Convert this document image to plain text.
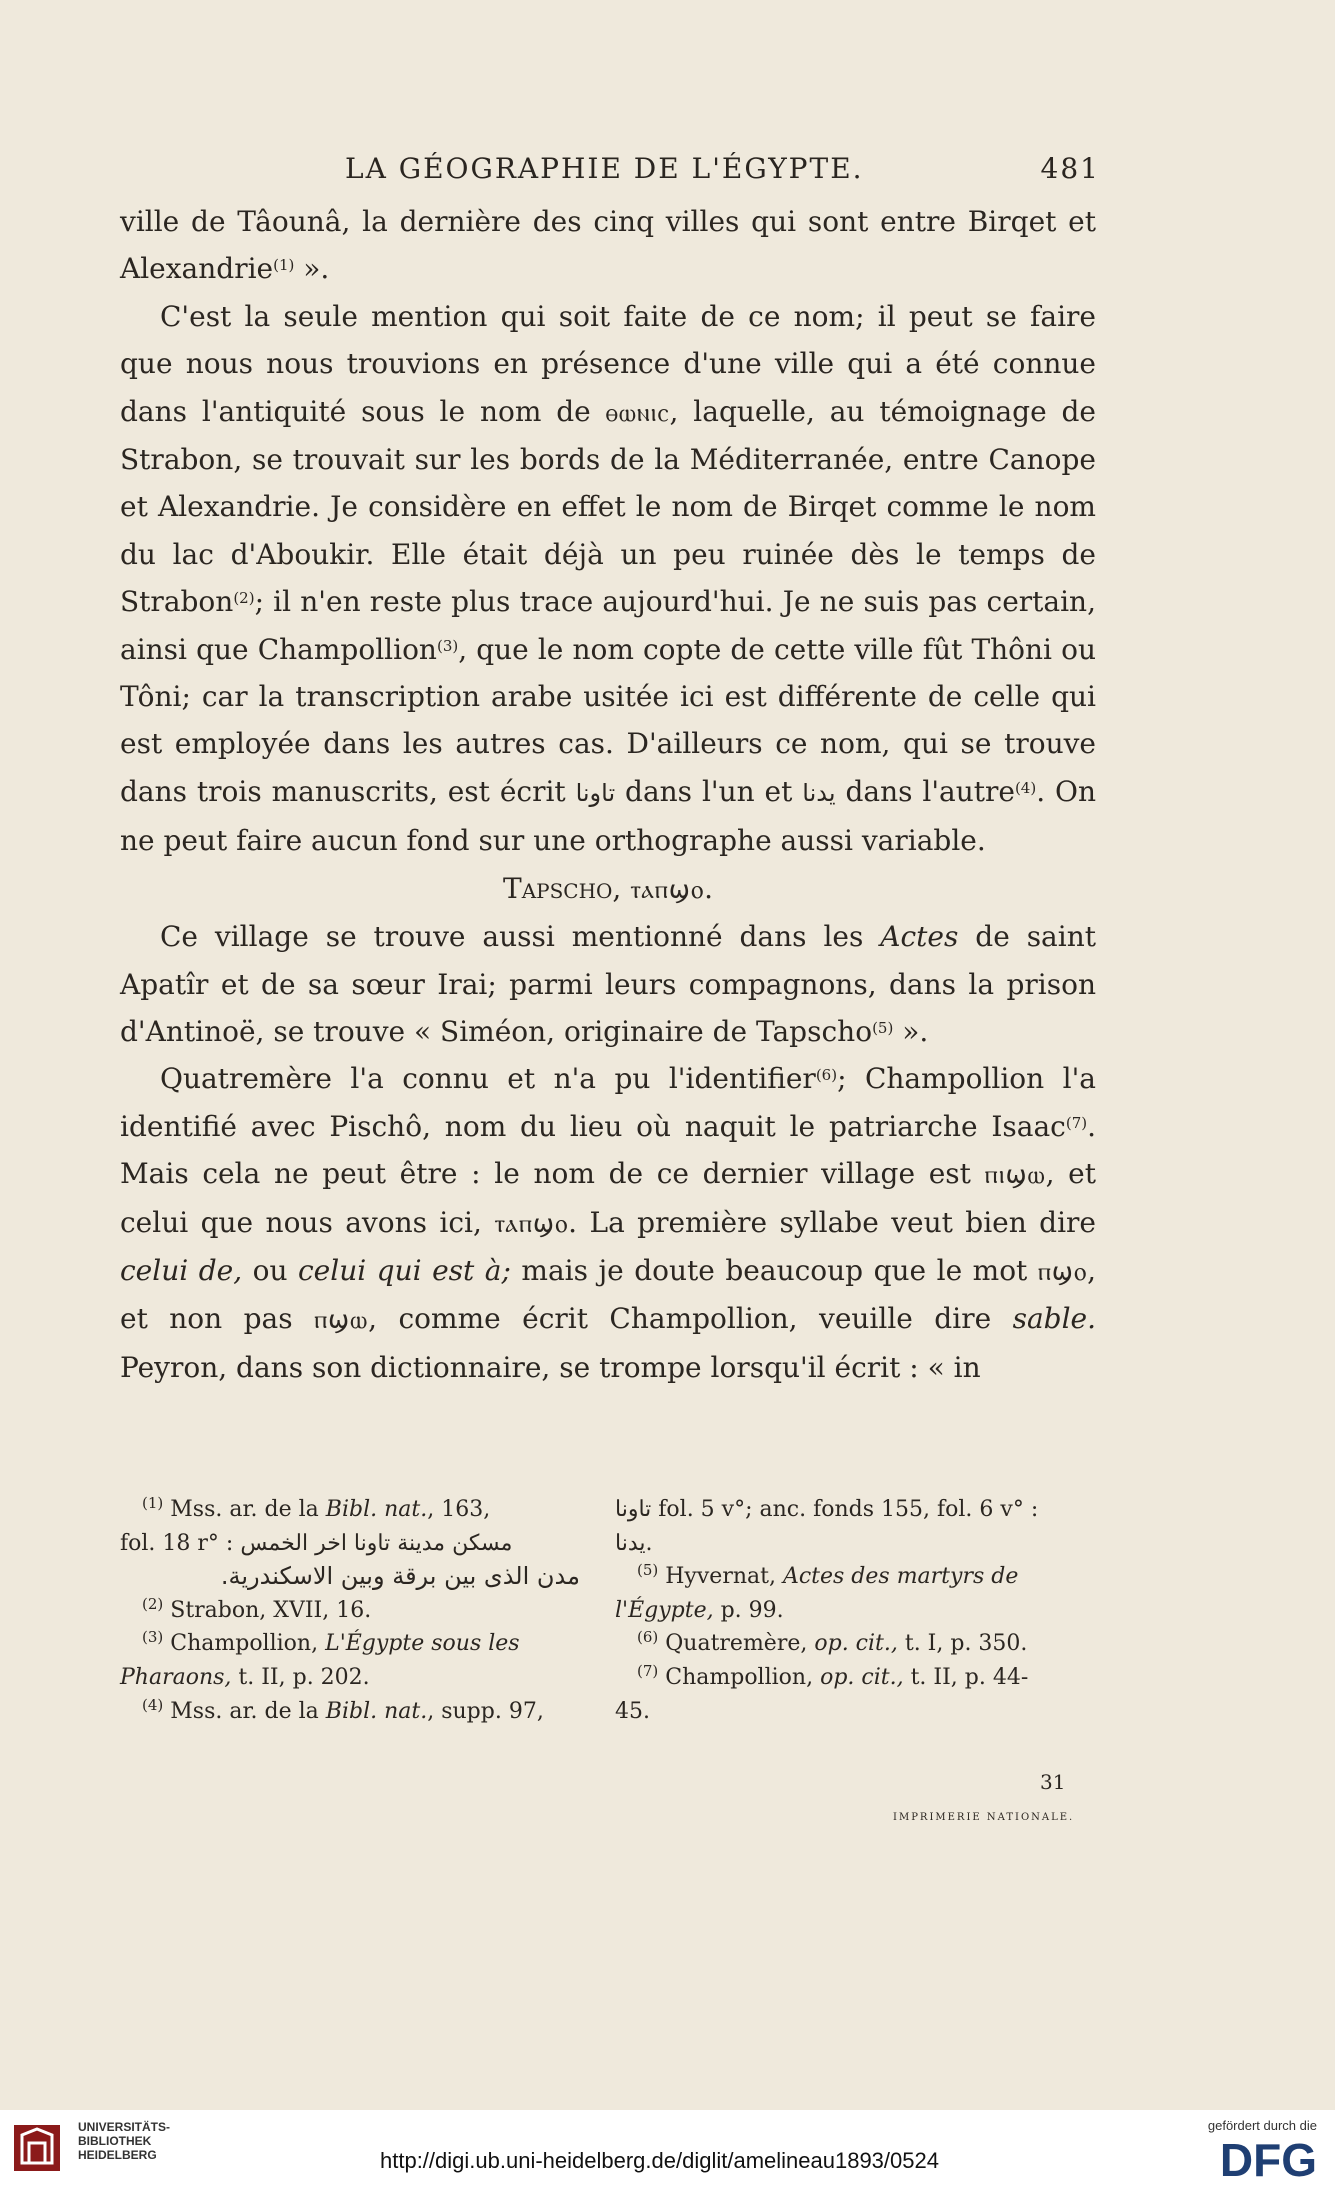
LA GÉOGRAPHIE DE L'ÉGYPTE.	481

ville de Tâounâ, la dernière des cinq villes qui sont entre Birqet et Alexandrie$^{(1)}$ ».

C'est la seule mention qui soit faite de ce nom; il peut se faire que nous nous trouvions en présence d'une ville qui a été connue dans l'antiquité sous le nom de ⲑⲱⲛⲓⲥ, laquelle, au témoignage de Strabon, se trouvait sur les bords de la Méditerranée, entre Canope et Alexandrie. Je considère en effet le nom de Birqet comme le nom du lac d'Aboukir. Elle était déjà un peu ruinée dès le temps de Strabon$^{(2)}$; il n'en reste plus trace aujourd'hui. Je ne suis pas certain, ainsi que Champollion$^{(3)}$, que le nom copte de cette ville fût Thôni ou Tôni; car la transcription arabe usitée ici est différente de celle qui est employée dans les autres cas. D'ailleurs ce nom, qui se trouve dans trois manuscrits, est écrit تاونا dans l'un et يدنا dans l'autre$^{(4)}$. On ne peut faire aucun fond sur une orthographe aussi variable.

Tapscho, ⲧⲁⲡϣⲟ.

Ce village se trouve aussi mentionné dans les Actes de saint Apatîr et de sa sœur Irai; parmi leurs compagnons, dans la prison d'Antinoë, se trouve « Siméon, originaire de Tapscho$^{(5)}$ ».

Quatremère l'a connu et n'a pu l'identifier$^{(6)}$; Champollion l'a identifié avec Pischô, nom du lieu où naquit le patriarche Isaac$^{(7)}$. Mais cela ne peut être : le nom de ce dernier village est ⲡⲓϣⲱ, et celui que nous avons ici, ⲧⲁⲡϣⲟ. La première syllabe veut bien dire celui de, ou celui qui est à; mais je doute beaucoup que le mot ⲡϣⲟ, et non pas ⲡϣⲱ, comme écrit Champollion, veuille dire sable. Peyron, dans son dictionnaire, se trompe lorsqu'il écrit : « in

 $^{(1)}$ Mss. ar. de la Bibl. nat., 163,
fol. 18 r° : مسكن مدينة تاونا اخر الخمس
مدن الذى بين برقة وبين الاسكندرية.
 $^{(2)}$ Strabon, XVII, 16.
 $^{(3)}$ Champollion, L'Égypte sous les
Pharaons, t. II, p. 202.
 $^{(4)}$ Mss. ar. de la Bibl. nat., supp. 97,
تاونا fol. 5 v°; anc. fonds 155, fol. 6 v° :
يدنا.
 $^{(5)}$ Hyvernat, Actes des martyrs de
l'Égypte, p. 99.
 $^{(6)}$ Quatremère, op. cit., t. I, p. 350.
 $^{(7)}$ Champollion, op. cit., t. II, p. 44-
45.
31
IMPRIMERIE NATIONALE.
UNIVERSITÄTS-
BIBLIOTHEK
HEIDELBERG	http://digi.ub.uni-heidelberg.de/diglit/amelineau1893/0524
gefördert durch die
DFG
